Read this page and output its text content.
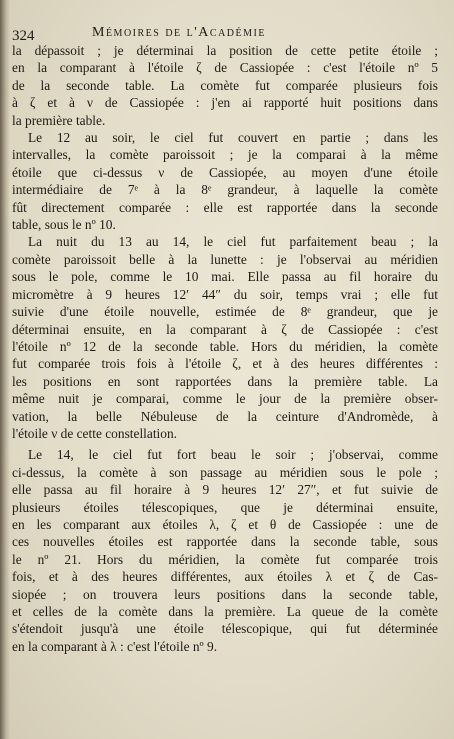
324	Mémoires de l'Académie
la dépassoit ; je déterminai la position de cette petite étoile ;
en la comparant à l'étoile ζ de Cassiopée : c'est l'étoile nº 5
de la seconde table. La comète fut comparée plusieurs fois
à ζ et à ν de Cassiopée : j'en ai rapporté huit positions dans
la première table.
Le 12 au soir, le ciel fut couvert en partie ; dans les
intervalles, la comète paroissoit ; je la comparai à la même
étoile que ci-dessus ν de Cassiopée, au moyen d'une étoile
intermédiaire de 7ᵉ à la 8ᵉ grandeur, à laquelle la comète
fût directement comparée : elle est rapportée dans la seconde
table, sous le nº 10.
La nuit du 13 au 14, le ciel fut parfaitement beau ; la
comète paroissoit belle à la lunette : je l'observai au méridien
sous le pole, comme le 10 mai. Elle passa au fil horaire du
micromètre à 9 heures 12′ 44″ du soir, temps vrai ; elle fut
suivie d'une étoile nouvelle, estimée de 8ᵉ grandeur, que je
déterminai ensuite, en la comparant à ζ de Cassiopée : c'est
l'étoile nº 12 de la seconde table. Hors du méridien, la comète
fut comparée trois fois à l'étoile ζ, et à des heures différentes :
les positions en sont rapportées dans la première table. La
même nuit je comparai, comme le jour de la première obser-
vation, la belle Nébuleuse de la ceinture d'Andromède, à
l'étoile ν de cette constellation.
Le 14, le ciel fut fort beau le soir ; j'observai, comme
ci-dessus, la comète à son passage au méridien sous le pole ;
elle passa au fil horaire à 9 heures 12′ 27″, et fut suivie de
plusieurs étoiles télescopiques, que je déterminai ensuite,
en les comparant aux étoiles λ, ζ et θ de Cassiopée : une de
ces nouvelles étoiles est rapportée dans la seconde table, sous
le nº 21. Hors du méridien, la comète fut comparée trois
fois, et à des heures différentes, aux étoiles λ et ζ de Cas-
siopée ; on trouvera leurs positions dans la seconde table,
et celles de la comète dans la première. La queue de la comète
s'étendoit jusqu'à une étoile télescopique, qui fut déterminée
en la comparant à λ : c'est l'étoile nº 9.
